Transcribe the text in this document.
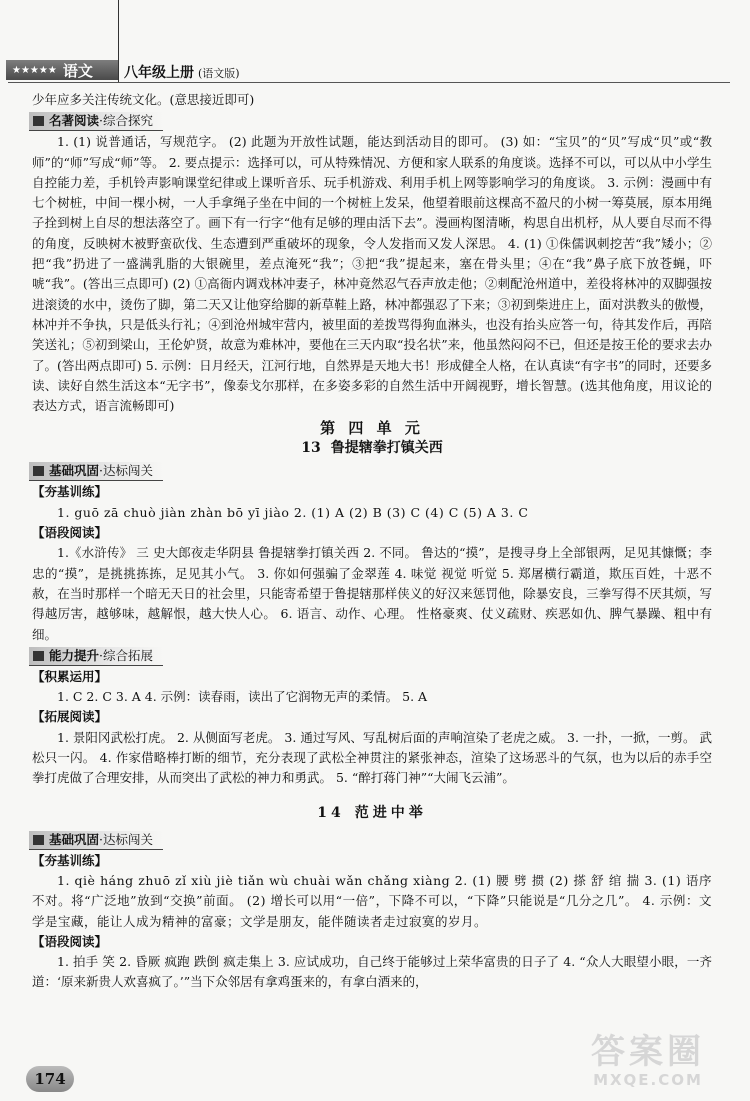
★★★★★ 语文 八年级上册 (语文版)

少年应多关注传统文化。(意思接近即可)

名著阅读·综合探究

1. (1) 说普通话，写规范字。 (2) 此题为开放性试题，能达到活动目的即可。 (3) 如：“宝贝”的“贝”写成“贝”或“教师”的“师”写成“师”等。 2. 要点提示：选择可以，可从特殊情况、方便和家人联系的角度谈。选择不可以，可以从中小学生自控能力差，手机铃声影响课堂纪律或上课听音乐、玩手机游戏、利用手机上网等影响学习的角度谈。 3. 示例：漫画中有七个树桩，中间一棵小树，一人手拿绳子坐在中间的一个树桩上发呆，他望着眼前这棵高不盈尺的小树一筹莫展，原本用绳子拴到树上自尽的想法落空了。画下有一行字“他有足够的理由活下去”。漫画构图清晰，构思自出机杼，从人要自尽而不得的角度，反映树木被野蛮砍伐、生态遭到严重破坏的现象，令人发指而又发人深思。 4. (1) ①侏儒讽刺挖苦“我”矮小；②把“我”扔进了一盛满乳脂的大银碗里，差点淹死“我”；③把“我”提起来，塞在骨头里；④在“我”鼻子底下放苍蝇，吓唬“我”。(答出三点即可) (2) ①高衙内调戏林冲妻子，林冲竟然忍气吞声放走他；②刺配沧州道中，差役将林冲的双脚强按进滚烫的水中，烫伤了脚，第二天又让他穿给脚的新草鞋上路，林冲都强忍了下来；③初到柴进庄上，面对洪教头的傲慢，林冲并不争执，只是低头行礼；④到沧州城牢营内，被里面的差拨骂得狗血淋头，也没有抬头应答一句，待其发作后，再陪笑送礼；⑤初到梁山，王伦妒贤，故意为难林冲，要他在三天内取“投名状”来，他虽然闷闷不已，但还是按王伦的要求去办了。(答出两点即可) 5. 示例：日月经天，江河行地，自然界是天地大书！形成健全人格，在认真读“有字书”的同时，还要多读、读好自然生活这本“无字书”，像泰戈尔那样，在多姿多彩的自然生活中开阔视野，增长智慧。(选其他角度，用议论的表达方式，语言流畅即可)

第 四 单 元
13 鲁提辖拳打镇关西
基础巩固·达标闯关

【夯基训练】

1. guō zā chuò jiàn zhàn bō yī jiào 2. (1) A (2) B (3) C (4) C (5) A 3. C

【语段阅读】

1.《水浒传》 三 史大郎夜走华阴县 鲁提辖拳打镇关西 2. 不同。 鲁达的“摸”，是搜寻身上全部银两，足见其慷慨；李忠的“摸”，是挑挑拣拣，足见其小气。 3. 你如何强骗了金翠莲 4. 味觉 视觉 听觉 5. 郑屠横行霸道，欺压百姓，十恶不赦，在当时那样一个暗无天日的社会里，只能寄希望于鲁提辖那样侠义的好汉来惩罚他，除暴安良，三拳写得不厌其烦，写得越厉害，越够味，越解恨，越大快人心。 6. 语言、动作、心理。 性格豪爽、仗义疏财、疾恶如仇、脾气暴躁、粗中有细。

能力提升·综合拓展

【积累运用】

1. C 2. C 3. A 4. 示例：读春雨，读出了它润物无声的柔情。 5. A

【拓展阅读】

1. 景阳冈武松打虎。 2. 从侧面写老虎。 3. 通过写风、写乱树后面的声响渲染了老虎之威。 3. 一扑，一掀，一剪。 武松只一闪。 4. 作家借略棒打断的细节，充分表现了武松全神贯注的紧张神态，渲染了这场恶斗的气氛，也为以后的赤手空拳打虎做了合理安排，从而突出了武松的神力和勇武。 5. “醉打蒋门神”“大闹飞云浦”。

14 范进中举
基础巩固·达标闯关

【夯基训练】

1. qiè háng zhuō zǐ xiù jiè tiǎn wù chuài wǎn chǎng xiàng 2. (1) 腰 劈 掼 (2) 搽 舒 绾 揣 3. (1) 语序不对。将“广泛地”放到“交换”前面。 (2) 增长可以用“一倍”，下降不可以，“下降”只能说是“几分之几”。 4. 示例：文学是宝藏，能让人成为精神的富豪；文学是朋友，能伴随读者走过寂寞的岁月。

【语段阅读】

1. 拍手 笑 2. 昏厥 疯跑 跌倒 疯走集上 3. 应试成功，自己终于能够过上荣华富贵的日子了 4. “众人大眼望小眼，一齐道：‘原来新贵人欢喜疯了。’”当下众邻居有拿鸡蛋来的，有拿白酒来的，

174
答案圈
MXQE.COM
